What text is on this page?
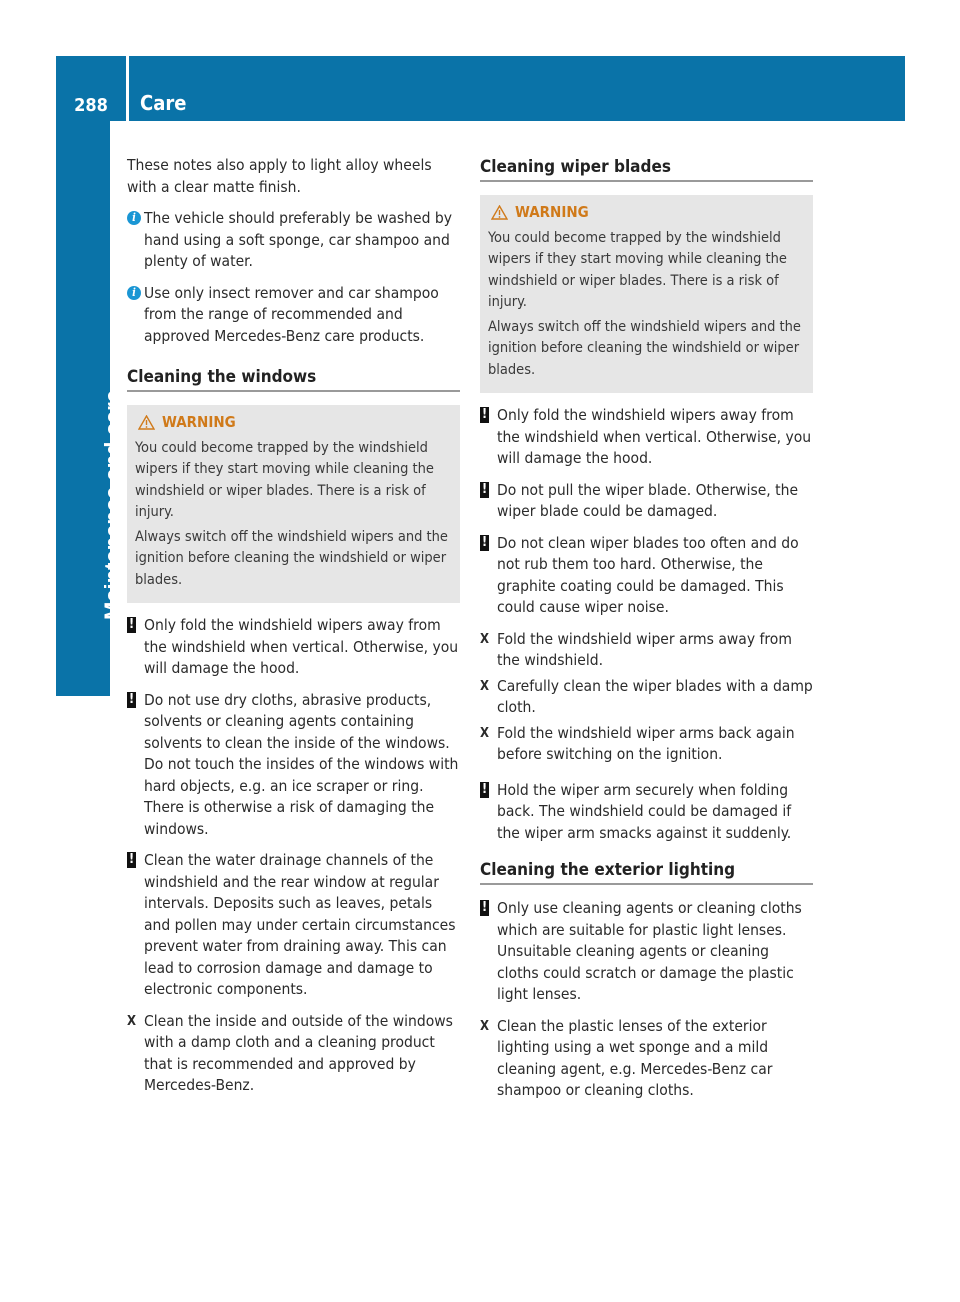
288	Care
Maintenance and care

These notes also apply to light alloy wheels with a clear matte finish.

i The vehicle should preferably be washed by hand using a soft sponge, car shampoo and plenty of water.
i Use only insect remover and car shampoo from the range of recommended and approved Mercedes-Benz care products.
Cleaning the windows
WARNING

You could become trapped by the windshield wipers if they start moving while cleaning the windshield or wiper blades. There is a risk of injury.

Always switch off the windshield wipers and the ignition before cleaning the windshield or wiper blades.

! Only fold the windshield wipers away from the windshield when vertical. Otherwise, you will damage the hood.
! Do not use dry cloths, abrasive products, solvents or cleaning agents containing solvents to clean the inside of the windows. Do not touch the insides of the windows with hard objects, e.g. an ice scraper or ring. There is otherwise a risk of damaging the windows.
! Clean the water drainage channels of the windshield and the rear window at regular intervals. Deposits such as leaves, petals and pollen may under certain circumstances prevent water from draining away. This can lead to corrosion damage and damage to electronic components.
X Clean the inside and outside of the windows with a damp cloth and a cleaning product that is recommended and approved by Mercedes-Benz.
Cleaning wiper blades
WARNING

You could become trapped by the windshield wipers if they start moving while cleaning the windshield or wiper blades. There is a risk of injury.

Always switch off the windshield wipers and the ignition before cleaning the windshield or wiper blades.

! Only fold the windshield wipers away from the windshield when vertical. Otherwise, you will damage the hood.
! Do not pull the wiper blade. Otherwise, the wiper blade could be damaged.
! Do not clean wiper blades too often and do not rub them too hard. Otherwise, the graphite coating could be damaged. This could cause wiper noise.
X Fold the windshield wiper arms away from the windshield.
X Carefully clean the wiper blades with a damp cloth.
X Fold the windshield wiper arms back again before switching on the ignition.
! Hold the wiper arm securely when folding back. The windshield could be damaged if the wiper arm smacks against it suddenly.
Cleaning the exterior lighting
! Only use cleaning agents or cleaning cloths which are suitable for plastic light lenses. Unsuitable cleaning agents or cleaning cloths could scratch or damage the plastic light lenses.
X Clean the plastic lenses of the exterior lighting using a wet sponge and a mild cleaning agent, e.g. Mercedes-Benz car shampoo or cleaning cloths.
